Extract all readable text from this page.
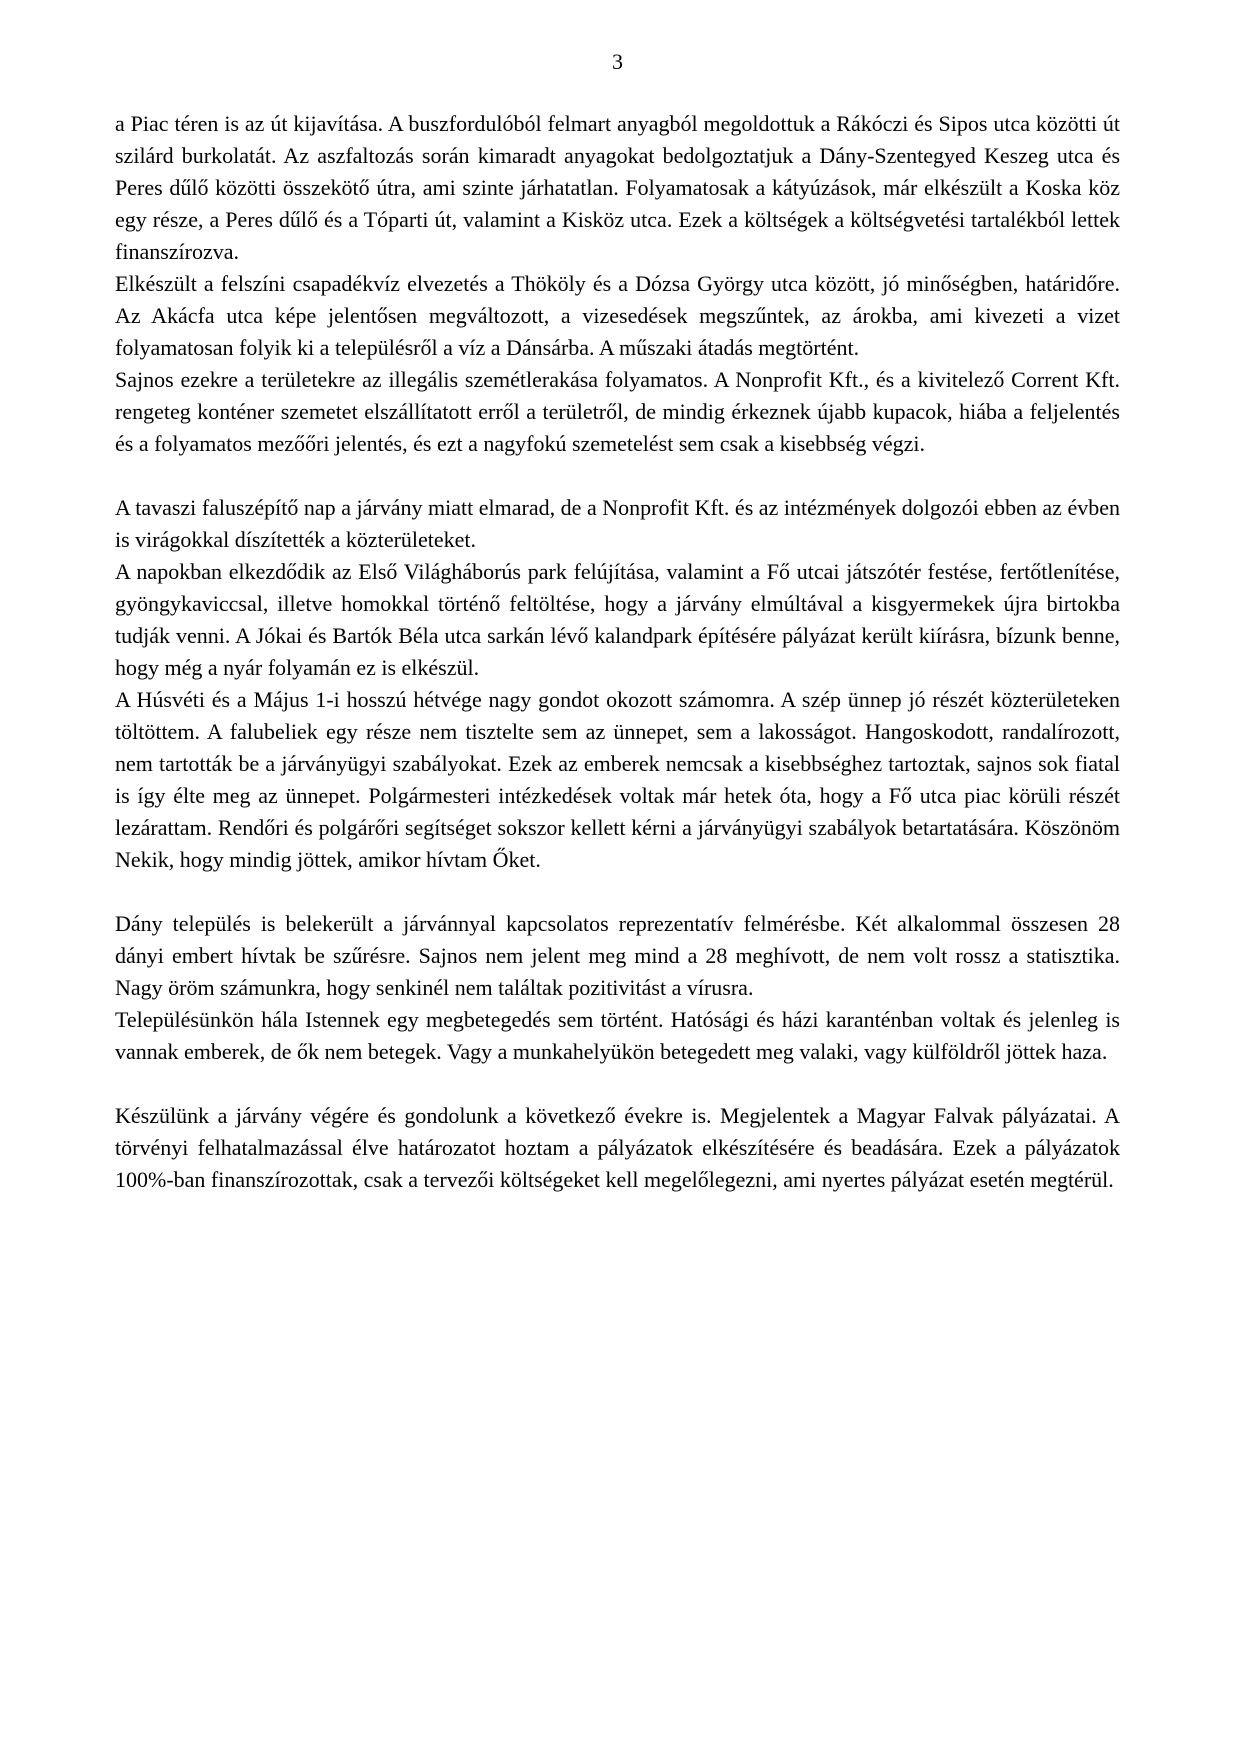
3

a Piac téren is az út kijavítása. A buszfordulóból felmart anyagból megoldottuk a Rákóczi és Sipos utca közötti út szilárd burkolatát. Az aszfaltozás során kimaradt anyagokat bedolgoztatjuk a Dány-Szentegyed Keszeg utca és Peres dűlő közötti összekötő útra, ami szinte járhatatlan. Folyamatosak a kátyúzások, már elkészült a Koska köz egy része, a Peres dűlő és a Tóparti út, valamint a Kisköz utca. Ezek a költségek a költségvetési tartalékból lettek finanszírozva.

Elkészült a felszíni csapadékvíz elvezetés a Thököly és a Dózsa György utca között, jó minőségben, határidőre. Az Akácfa utca képe jelentősen megváltozott, a vizesedések megszűntek, az árokba, ami kivezeti a vizet folyamatosan folyik ki a településről a víz a Dánsárba. A műszaki átadás megtörtént.

Sajnos ezekre a területekre az illegális szemétlerakása folyamatos. A Nonprofit Kft., és a kivitelező Corrent Kft. rengeteg konténer szemetet elszállítatott erről a területről, de mindig érkeznek újabb kupacok, hiába a feljelentés és a folyamatos mezőőri jelentés, és ezt a nagyfokú szemetelést sem csak a kisebbség végzi.

A tavaszi faluszépítő nap a járvány miatt elmarad, de a Nonprofit Kft. és az intézmények dolgozói ebben az évben is virágokkal díszítették a közterületeket.

A napokban elkezdődik az Első Világháborús park felújítása, valamint a Fő utcai játszótér festése, fertőtlenítése, gyöngykaviccsal, illetve homokkal történő feltöltése, hogy a járvány elmúltával a kisgyermekek újra birtokba tudják venni. A Jókai és Bartók Béla utca sarkán lévő kalandpark építésére pályázat került kiírásra, bízunk benne, hogy még a nyár folyamán ez is elkészül.

A Húsvéti és a Május 1-i hosszú hétvége nagy gondot okozott számomra. A szép ünnep jó részét közterületeken töltöttem. A falubeliek egy része nem tisztelte sem az ünnepet, sem a lakosságot. Hangoskodott, randalírozott, nem tartották be a járványügyi szabályokat. Ezek az emberek nemcsak a kisebbséghez tartoztak, sajnos sok fiatal is így élte meg az ünnepet. Polgármesteri intézkedések voltak már hetek óta, hogy a Fő utca piac körüli részét lezárattam. Rendőri és polgárőri segítséget sokszor kellett kérni a járványügyi szabályok betartatására. Köszönöm Nekik, hogy mindig jöttek, amikor hívtam Őket.

Dány település is belekerült a járvánnyal kapcsolatos reprezentatív felmérésbe. Két alkalommal összesen 28 dányi embert hívtak be szűrésre. Sajnos nem jelent meg mind a 28 meghívott, de nem volt rossz a statisztika. Nagy öröm számunkra, hogy senkinél nem találtak pozitivitást a vírusra.

Településünkön hála Istennek egy megbetegedés sem történt. Hatósági és házi karanténban voltak és jelenleg is vannak emberek, de ők nem betegek. Vagy a munkahelyükön betegedett meg valaki, vagy külföldről jöttek haza.

Készülünk a járvány végére és gondolunk a következő évekre is. Megjelentek a Magyar Falvak pályázatai. A törvényi felhatalmazással élve határozatot hoztam a pályázatok elkészítésére és beadására. Ezek a pályázatok 100%-ban finanszírozottak, csak a tervezői költségeket kell megelőlegezni, ami nyertes pályázat esetén megtérül.
